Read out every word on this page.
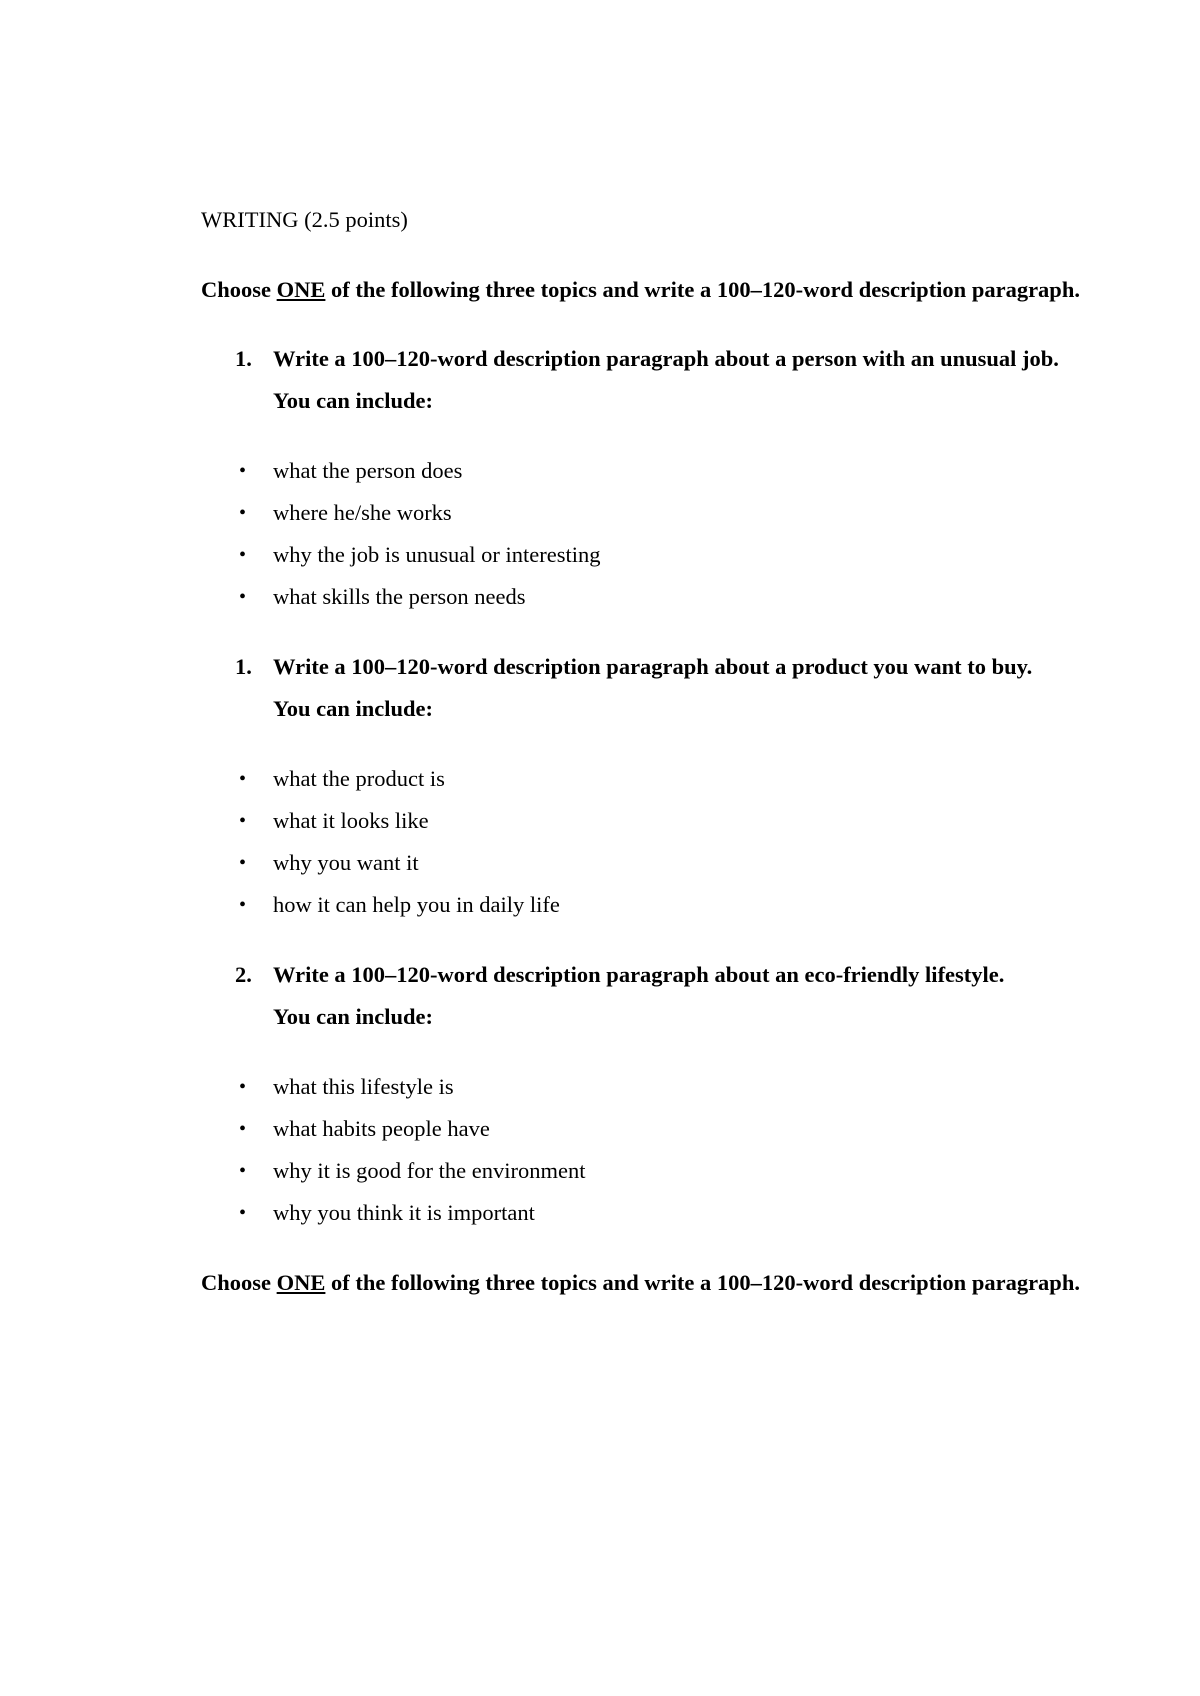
WRITING (2.5 points)

Choose ONE of the following three topics and write a 100–120-word description paragraph.

1. Write a 100–120-word description paragraph about a person with an unusual job.
You can include:

• what the person does
• where he/she works
• why the job is unusual or interesting
• what skills the person needs

1. Write a 100–120-word description paragraph about a product you want to buy.
You can include:

• what the product is
• what it looks like
• why you want it
• how it can help you in daily life

2. Write a 100–120-word description paragraph about an eco-friendly lifestyle.
You can include:

• what this lifestyle is
• what habits people have
• why it is good for the environment
• why you think it is important

Choose ONE of the following three topics and write a 100–120-word description paragraph.
